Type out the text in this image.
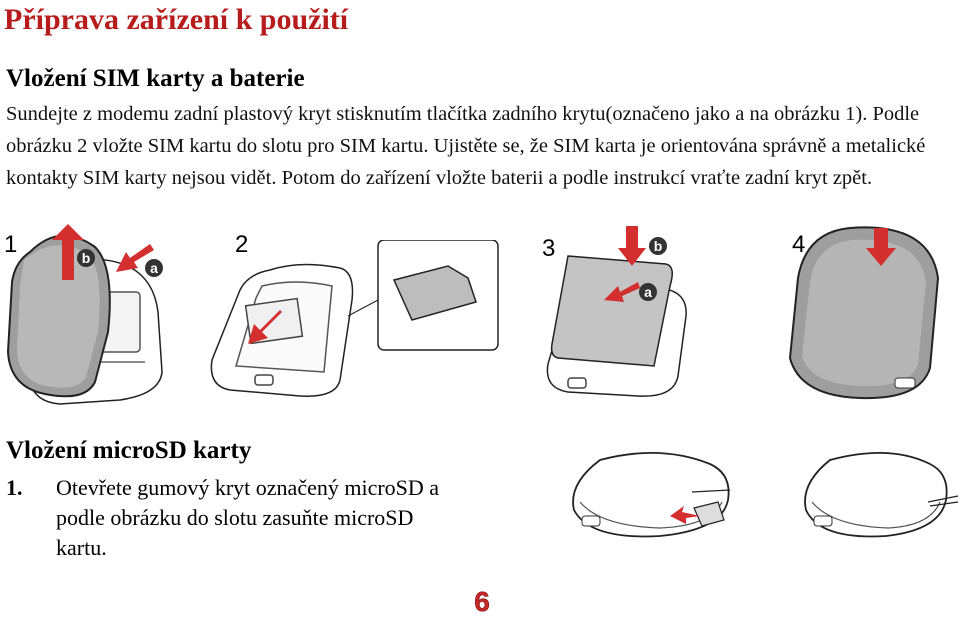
Příprava zařízení k použití
Vložení SIM karty a baterie

Sundejte z modemu zadní plastový kryt stisknutím tlačítka zadního krytu(označeno jako a na obrázku 1). Podle obrázku 2 vložte SIM kartu do slotu pro SIM kartu. Ujistěte se, že SIM karta je orientována správně a metalické kontakty SIM karty nejsou vidět. Potom do zařízení vložte baterii a podle instrukcí vraťte zadní kryt zpět.

1	2	3	4
b
a
b
a
Vložení microSD karty
1. Otevřete gumový kryt označený microSD a
podle obrázku do slotu zasuňte microSD
kartu.
6
